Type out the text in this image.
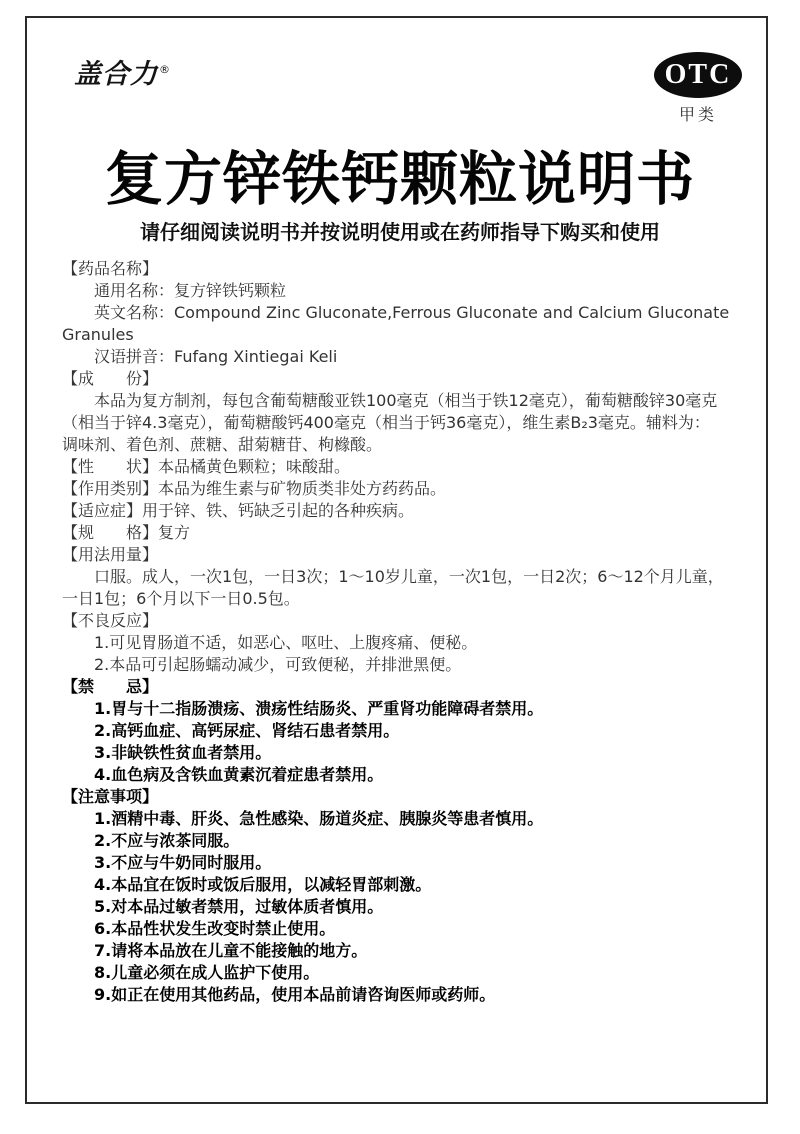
盖合力®	OTC
甲类
复方锌铁钙颗粒说明书
请仔细阅读说明书并按说明使用或在药师指导下购买和使用
【药品名称】
通用名称：复方锌铁钙颗粒
英文名称：Compound Zinc Gluconate,Ferrous Gluconate and Calcium Gluconate
Granules
汉语拼音：Fufang Xintiegai Keli
【成　　份】
本品为复方制剂，每包含葡萄糖酸亚铁100毫克（相当于铁12毫克），葡萄糖酸锌30毫克
（相当于锌4.3毫克），葡萄糖酸钙400毫克（相当于钙36毫克），维生素B₂3毫克。辅料为：
调味剂、着色剂、蔗糖、甜菊糖苷、枸橼酸。
【性　　状】本品橘黄色颗粒；味酸甜。
【作用类别】本品为维生素与矿物质类非处方药药品。
【适应症】用于锌、铁、钙缺乏引起的各种疾病。
【规　　格】复方
【用法用量】
口服。成人，一次1包，一日3次；1～10岁儿童，一次1包，一日2次；6～12个月儿童，
一日1包；6个月以下一日0.5包。
【不良反应】
1.可见胃肠道不适，如恶心、呕吐、上腹疼痛、便秘。
2.本品可引起肠蠕动减少，可致便秘，并排泄黑便。
【禁　　忌】
1.胃与十二指肠溃疡、溃疡性结肠炎、严重肾功能障碍者禁用。
2.高钙血症、高钙尿症、肾结石患者禁用。
3.非缺铁性贫血者禁用。
4.血色病及含铁血黄素沉着症患者禁用。
【注意事项】
1.酒精中毒、肝炎、急性感染、肠道炎症、胰腺炎等患者慎用。
2.不应与浓茶同服。
3.不应与牛奶同时服用。
4.本品宜在饭时或饭后服用，以减轻胃部刺激。
5.对本品过敏者禁用，过敏体质者慎用。
6.本品性状发生改变时禁止使用。
7.请将本品放在儿童不能接触的地方。
8.儿童必须在成人监护下使用。
9.如正在使用其他药品，使用本品前请咨询医师或药师。
